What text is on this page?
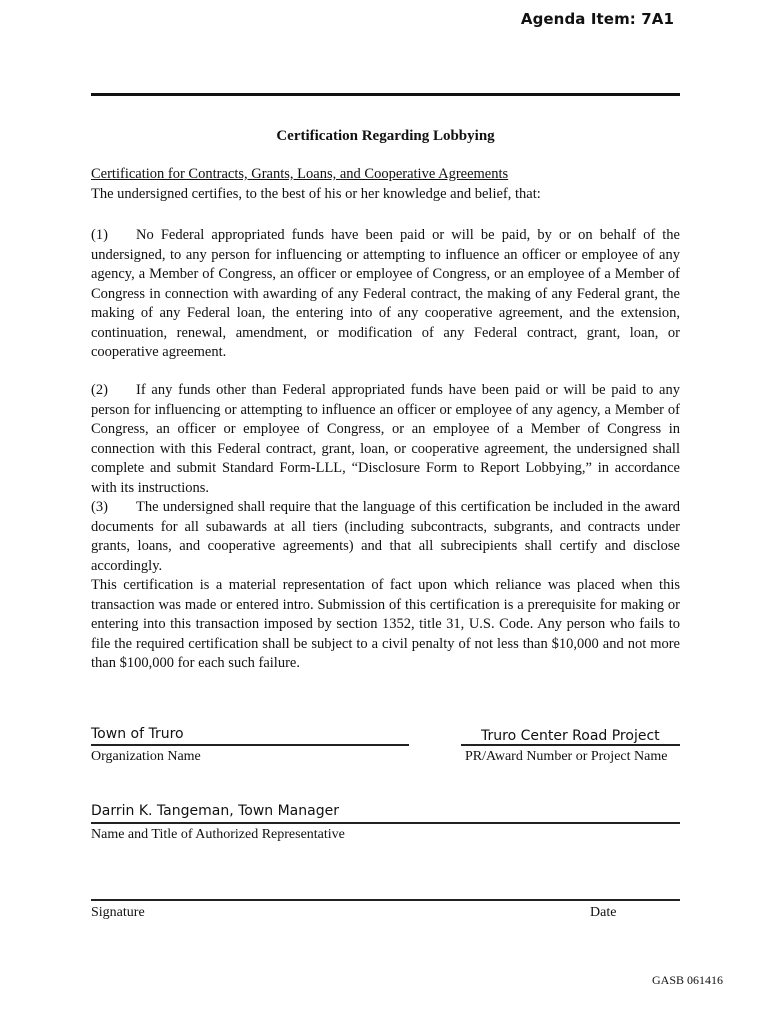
Agenda Item: 7A1
Certification Regarding Lobbying
Certification for Contracts, Grants, Loans, and Cooperative Agreements
The undersigned certifies, to the best of his or her knowledge and belief, that:

(1) No Federal appropriated funds have been paid or will be paid, by or on behalf of the undersigned, to any person for influencing or attempting to influence an officer or employee of any agency, a Member of Congress, an officer or employee of Congress, or an employee of a Member of Congress in connection with awarding of any Federal contract, the making of any Federal grant, the making of any Federal loan, the entering into of any cooperative agreement, and the extension, continuation, renewal, amendment, or modification of any Federal contract, grant, loan, or cooperative agreement.

(2) If any funds other than Federal appropriated funds have been paid or will be paid to any person for influencing or attempting to influence an officer or employee of any agency, a Member of Congress, an officer or employee of Congress, or an employee of a Member of Congress in connection with this Federal contract, grant, loan, or cooperative agreement, the undersigned shall complete and submit Standard Form-LLL, “Disclosure Form to Report Lobbying,” in accordance with its instructions.

(3) The undersigned shall require that the language of this certification be included in the award documents for all subawards at all tiers (including subcontracts, subgrants, and contracts under grants, loans, and cooperative agreements) and that all subrecipients shall certify and disclose accordingly.

This certification is a material representation of fact upon which reliance was placed when this transaction was made or entered intro. Submission of this certification is a prerequisite for making or entering into this transaction imposed by section 1352, title 31, U.S. Code. Any person who fails to file the required certification shall be subject to a civil penalty of not less than $10,000 and not more than $100,000 for each such failure.

Town of Truro
Organization Name
Truro Center Road Project
PR/Award Number or Project Name
Darrin K. Tangeman, Town Manager
Name and Title of Authorized Representative
Signature	Date
GASB 061416
